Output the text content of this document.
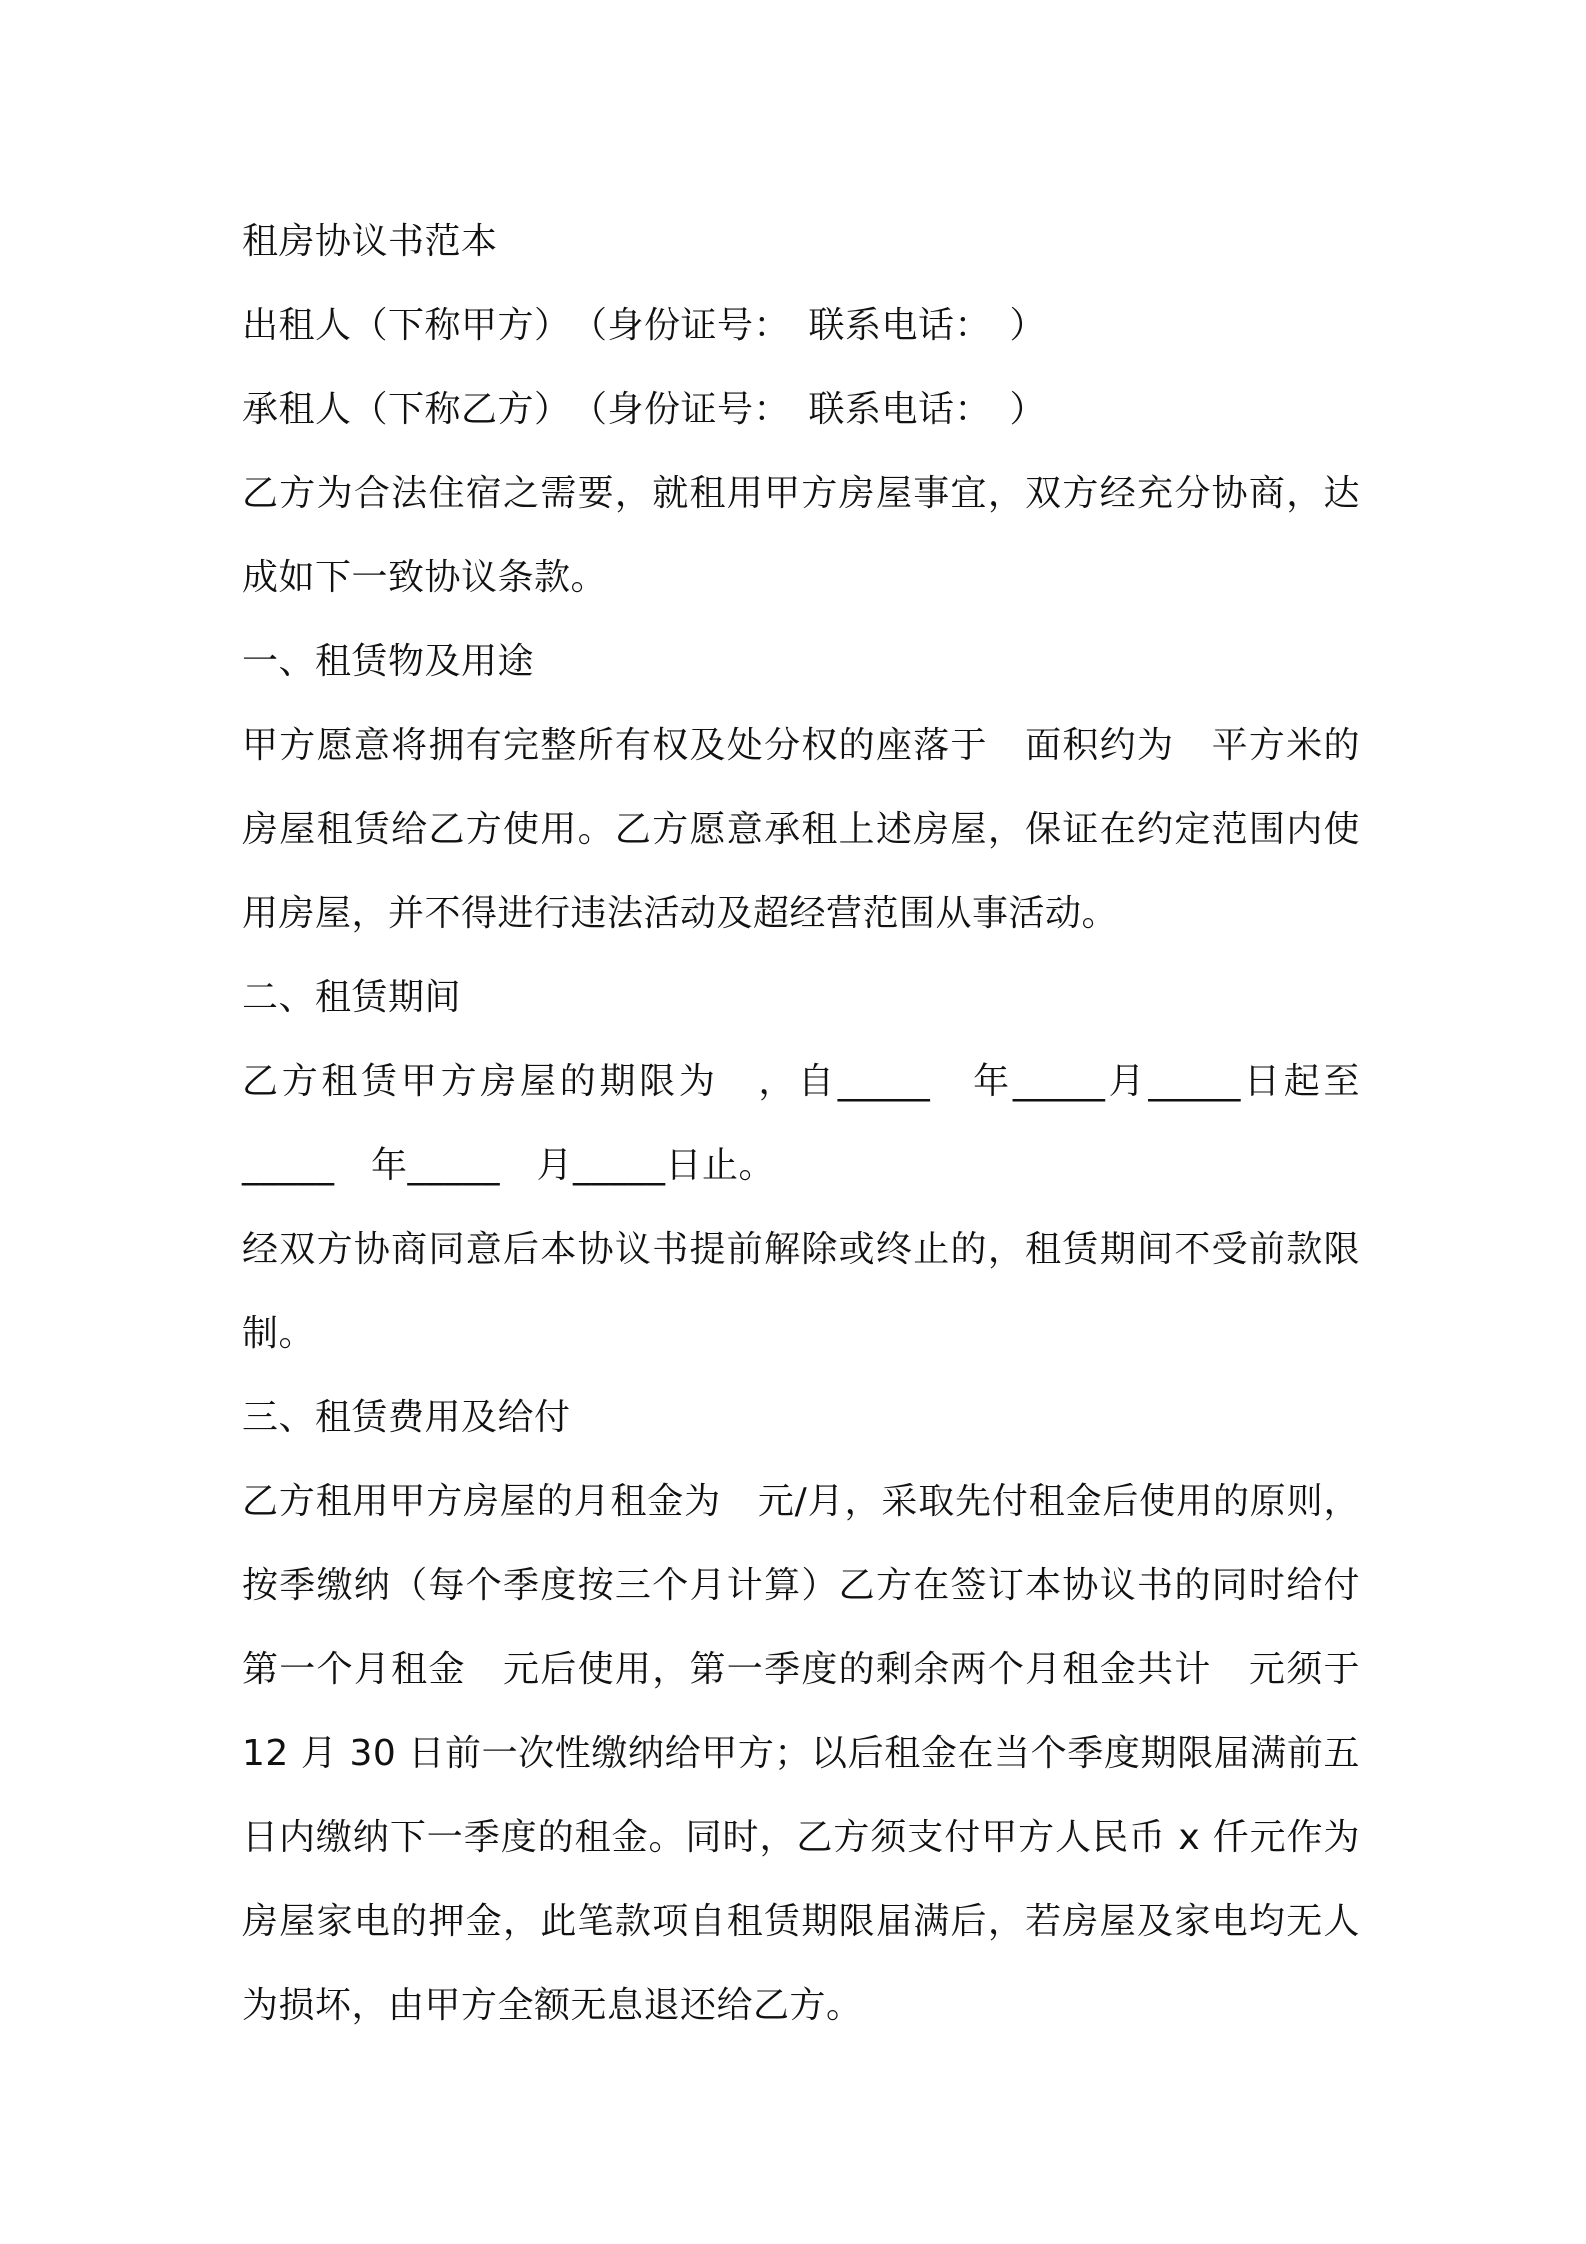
租房协议书范本
出租人（下称甲方）　（身份证号：　联系电话：　）
承租人（下称乙方）　（身份证号：　联系电话：　）
乙方为合法住宿之需要，就租用甲方房屋事宜，双方经充分协商，达
成如下一致协议条款。
一、租赁物及用途
甲方愿意将拥有完整所有权及处分权的座落于　面积约为　平方米的
房屋租赁给乙方使用。乙方愿意承租上述房屋，保证在约定范围内使
用房屋，并不得进行违法活动及超经营范围从事活动。
二、租赁期间
乙方租赁甲方房屋的期限为　，自_____　年_____月_____日起至
_____　年_____　月_____日止。
经双方协商同意后本协议书提前解除或终止的，租赁期间不受前款限
制。
三、租赁费用及给付
乙方租用甲方房屋的月租金为　元/月，采取先付租金后使用的原则，
按季缴纳（每个季度按三个月计算）乙方在签订本协议书的同时给付
第一个月租金　元后使用，第一季度的剩余两个月租金共计　元须于
12 月 30 日前一次性缴纳给甲方；以后租金在当个季度期限届满前五
日内缴纳下一季度的租金。同时，乙方须支付甲方人民币 x 仟元作为
房屋家电的押金，此笔款项自租赁期限届满后，若房屋及家电均无人
为损坏，由甲方全额无息退还给乙方。
